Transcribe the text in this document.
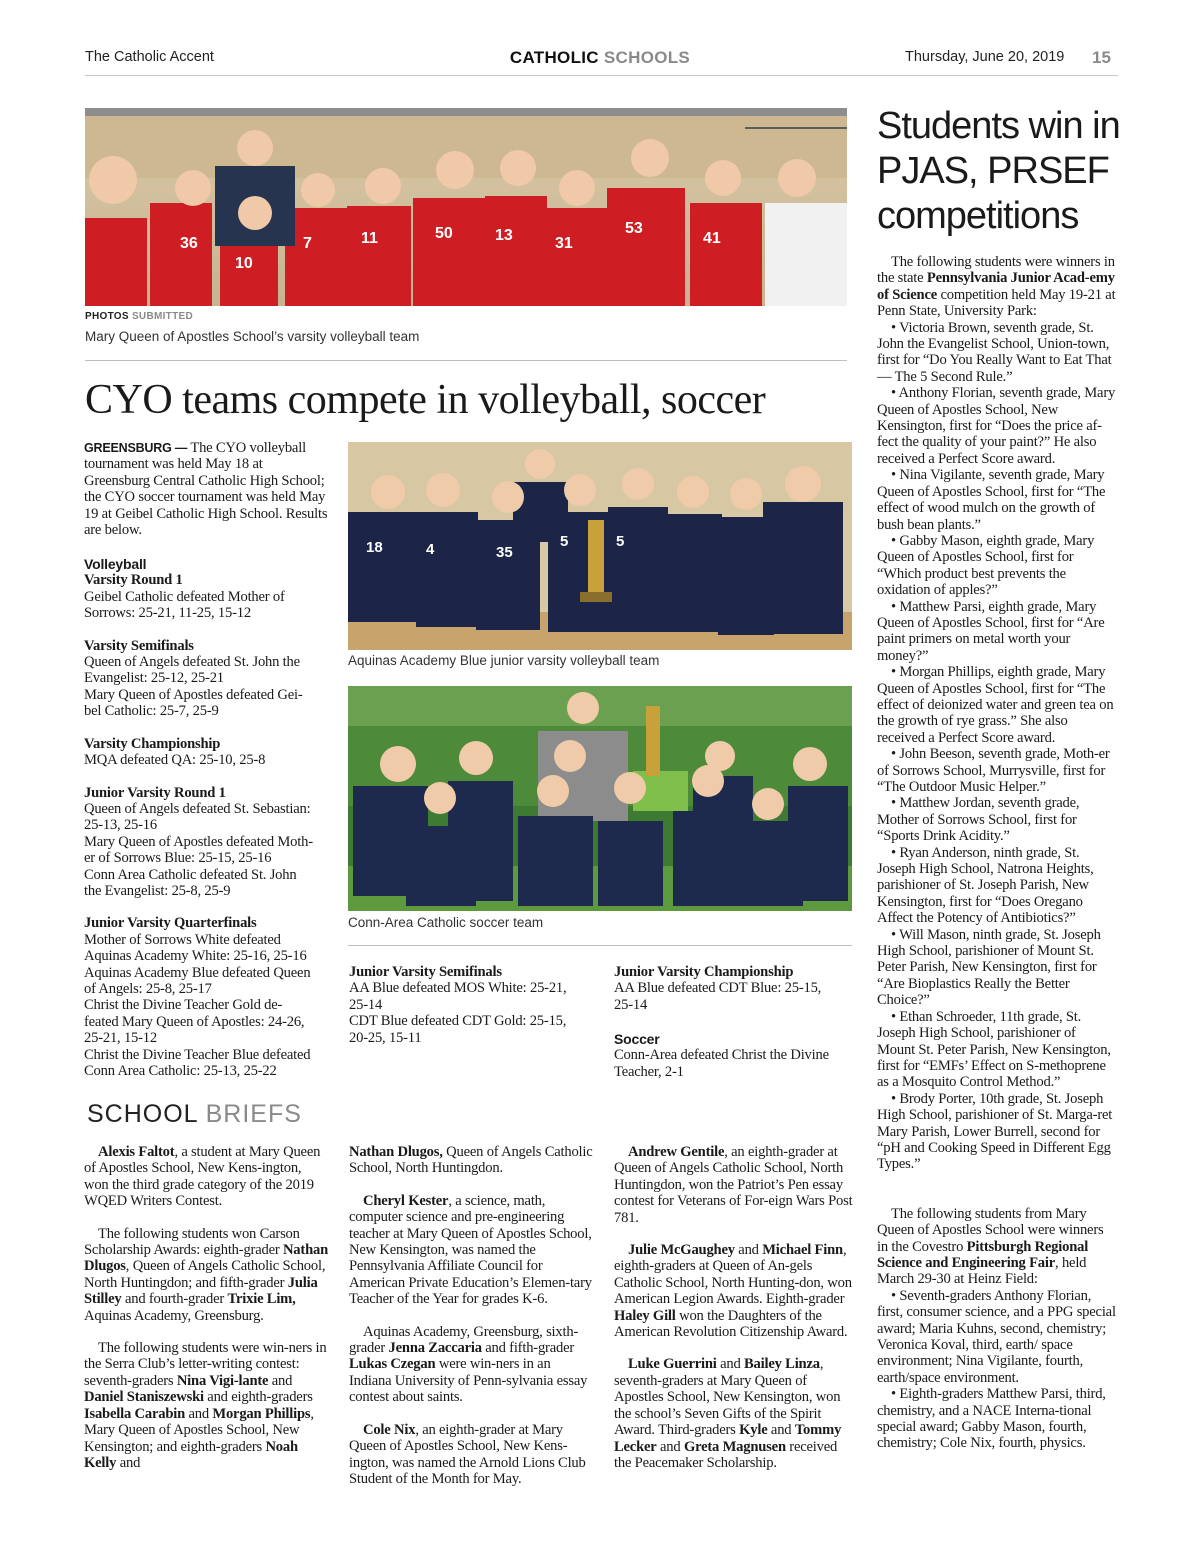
The Catholic Accent	CATHOLIC SCHOOLS	Thursday, June 20, 2019 15
36
10
7	11	50	13	31
53
41
PHOTOS SUBMITTED
Mary Queen of Apostles School’s varsity volleyball team
CYO teams compete in volleyball, soccer

GREENSBURG — The CYO volleyball tournament was held May 18 at Greensburg Central Catholic High School; the CYO soccer tournament was held May 19 at Geibel Catholic High School. Results are below.

Volleyball
Varsity Round 1
Geibel Catholic defeated Mother of
Sorrows: 25-21, 11-25, 15-12
Varsity Semifinals
Queen of Angels defeated St. John the
Evangelist: 25-12, 25-21
Mary Queen of Apostles defeated Gei-
bel Catholic: 25-7, 25-9
Varsity Championship
MQA defeated QA: 25-10, 25-8
Junior Varsity Round 1
Queen of Angels defeated St. Sebastian:
25-13, 25-16
Mary Queen of Apostles defeated Moth-
er of Sorrows Blue: 25-15, 25-16
Conn Area Catholic defeated St. John
the Evangelist: 25-8, 25-9
Junior Varsity Quarterfinals
Mother of Sorrows White defeated
Aquinas Academy White: 25-16, 25-16
Aquinas Academy Blue defeated Queen
of Angels: 25-8, 25-17
Christ the Divine Teacher Gold de-
feated Mary Queen of Apostles: 24-26,
25-21, 15-12
Christ the Divine Teacher Blue defeated
Conn Area Catholic: 25-13, 25-22
18	4	35
5	5
Aquinas Academy Blue junior varsity volleyball team
Conn-Area Catholic soccer team
Junior Varsity Semifinals
AA Blue defeated MOS White: 25-21,
25-14
CDT Blue defeated CDT Gold: 25-15,
20-25, 15-11
Junior Varsity Championship
AA Blue defeated CDT Blue: 25-15,
25-14
Soccer
Conn-Area defeated Christ the Divine
Teacher, 2-1
SCHOOL BRIEFS

Alexis Faltot, a student at Mary Queen of Apostles School, New Kens-ington, won the third grade category of the 2019 WQED Writers Contest.

The following students won Carson Scholarship Awards: eighth-grader Nathan Dlugos, Queen of Angels Catholic School, North Huntingdon; and fifth-grader Julia Stilley and fourth-grader Trixie Lim, Aquinas Academy, Greensburg.

The following students were win-ners in the Serra Club’s letter-writing contest: seventh-graders Nina Vigi-lante and Daniel Staniszewski and eighth-graders Isabella Carabin and Morgan Phillips, Mary Queen of Apostles School, New Kensington; and eighth-graders Noah Kelly and

Nathan Dlugos, Queen of Angels Catholic School, North Huntingdon.

Cheryl Kester, a science, math, computer science and pre-engineering teacher at Mary Queen of Apostles School, New Kensington, was named the Pennsylvania Affiliate Council for American Private Education’s Elemen-tary Teacher of the Year for grades K-6.

Aquinas Academy, Greensburg, sixth-grader Jenna Zaccaria and fifth-grader Lukas Czegan were win-ners in an Indiana University of Penn-sylvania essay contest about saints.

Cole Nix, an eighth-grader at Mary Queen of Apostles School, New Kens-ington, was named the Arnold Lions Club Student of the Month for May.

Andrew Gentile, an eighth-grader at Queen of Angels Catholic School, North Huntingdon, won the Patriot’s Pen essay contest for Veterans of For-eign Wars Post 781.

Julie McGaughey and Michael Finn, eighth-graders at Queen of An-gels Catholic School, North Hunting-don, won American Legion Awards. Eighth-grader Haley Gill won the Daughters of the American Revolution Citizenship Award.

Luke Guerrini and Bailey Linza, seventh-graders at Mary Queen of Apostles School, New Kensington, won the school’s Seven Gifts of the Spirit Award. Third-graders Kyle and Tommy Lecker and Greta Magnusen received the Peacemaker Scholarship.

Students win in
PJAS, PRSEF
competitions

The following students were winners in the state Pennsylvania Junior Acad-emy of Science competition held May 19-21 at Penn State, University Park:

• Victoria Brown, seventh grade, St. John the Evangelist School, Union-town, first for “Do You Really Want to Eat That — The 5 Second Rule.”

• Anthony Florian, seventh grade, Mary Queen of Apostles School, New Kensington, first for “Does the price af-fect the quality of your paint?” He also received a Perfect Score award.

• Nina Vigilante, seventh grade, Mary Queen of Apostles School, first for “The effect of wood mulch on the growth of bush bean plants.”

• Gabby Mason, eighth grade, Mary Queen of Apostles School, first for “Which product best prevents the oxidation of apples?”

• Matthew Parsi, eighth grade, Mary Queen of Apostles School, first for “Are paint primers on metal worth your money?”

• Morgan Phillips, eighth grade, Mary Queen of Apostles School, first for “The effect of deionized water and green tea on the growth of rye grass.” She also received a Perfect Score award.

• John Beeson, seventh grade, Moth-er of Sorrows School, Murrysville, first for “The Outdoor Music Helper.”

• Matthew Jordan, seventh grade, Mother of Sorrows School, first for “Sports Drink Acidity.”

• Ryan Anderson, ninth grade, St. Joseph High School, Natrona Heights, parishioner of St. Joseph Parish, New Kensington, first for “Does Oregano Affect the Potency of Antibiotics?”

• Will Mason, ninth grade, St. Joseph High School, parishioner of Mount St. Peter Parish, New Kensington, first for “Are Bioplastics Really the Better Choice?”

• Ethan Schroeder, 11th grade, St. Joseph High School, parishioner of Mount St. Peter Parish, New Kensington, first for “EMFs’ Effect on S-methoprene as a Mosquito Control Method.”

• Brody Porter, 10th grade, St. Joseph High School, parishioner of St. Marga-ret Mary Parish, Lower Burrell, second for “pH and Cooking Speed in Different Egg Types.”

The following students from Mary Queen of Apostles School were winners in the Covestro Pittsburgh Regional Science and Engineering Fair, held March 29-30 at Heinz Field:

• Seventh-graders Anthony Florian, first, consumer science, and a PPG special award; Maria Kuhns, second, chemistry; Veronica Koval, third, earth/ space environment; Nina Vigilante, fourth, earth/space environment.

• Eighth-graders Matthew Parsi, third, chemistry, and a NACE Interna-tional special award; Gabby Mason, fourth, chemistry; Cole Nix, fourth, physics.
